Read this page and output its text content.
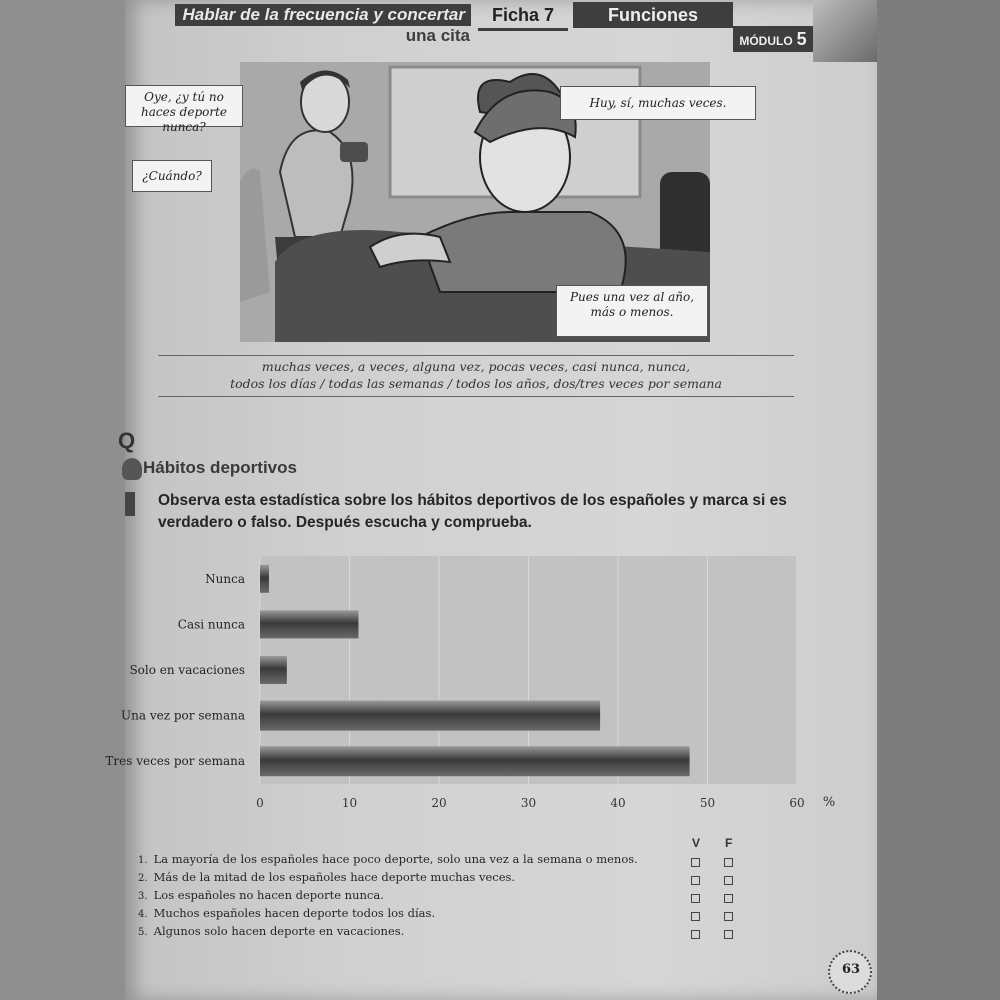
Hablar de la frecuencia y concertar
una cita
Ficha 7	Funciones
MÓDULO 5
Oye, ¿y tú no haces deporte nunca?
¿Cuándo?
Huy, sí, muchas veces.
Pues una vez al año, más o menos.
muchas veces, a veces, alguna vez, pocas veces, casi nunca, nunca,
todos los días / todas las semanas / todos los años, dos/tres veces por semana
Q
Hábitos deportivos
Observa esta estadística sobre los hábitos deportivos de los españoles y marca si es verdadero o falso. Después escucha y comprueba.
Nunca
Casi nunca
Solo en vacaciones
Una vez por semana
Tres veces por semana
0	10	20	30	40	50	60 %
V F
1. La mayoría de los españoles hace poco deporte, solo una vez a la semana o menos.
2. Más de la mitad de los españoles hace deporte muchas veces.
3. Los españoles no hacen deporte nunca.
4. Muchos españoles hacen deporte todos los días.
5. Algunos solo hacen deporte en vacaciones.
63
